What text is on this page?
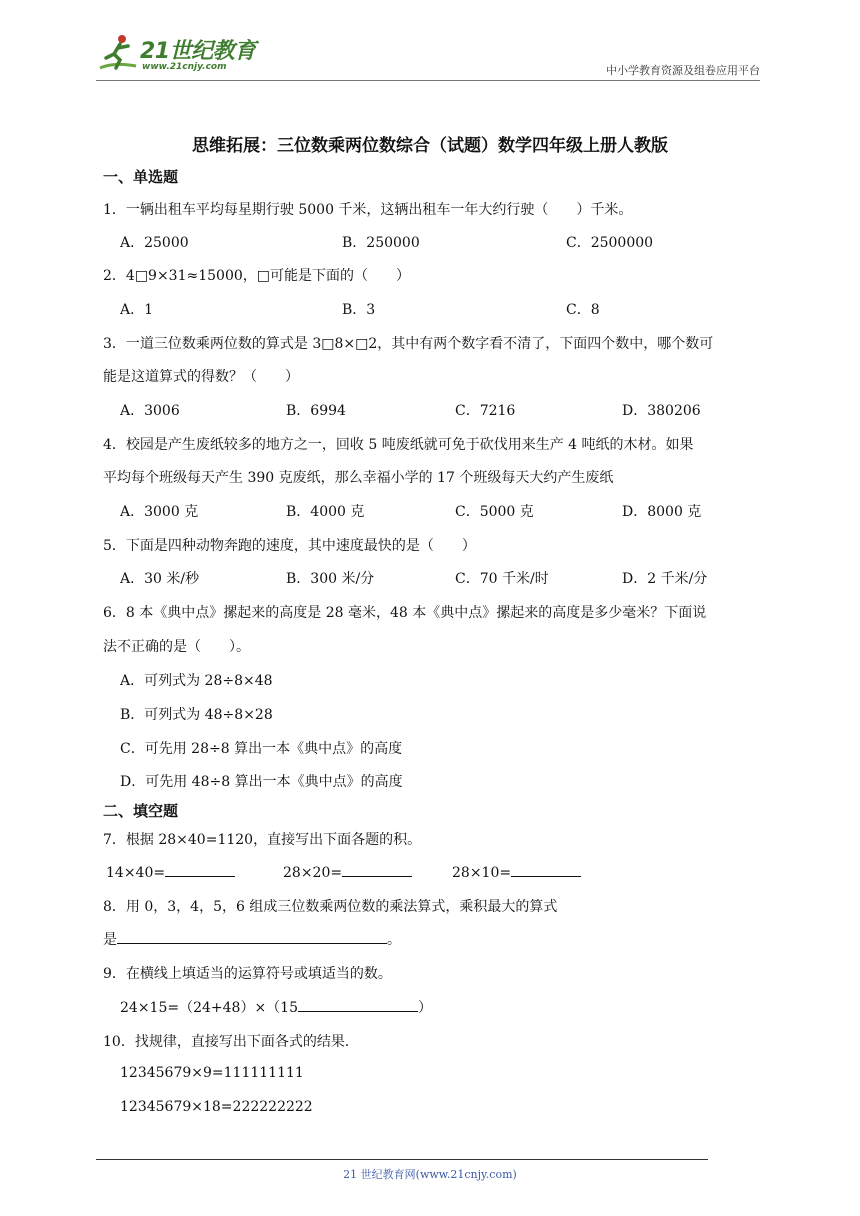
21世纪教育
www.21cnjy.com	中小学教育资源及组卷应用平台
思维拓展：三位数乘两位数综合（试题）数学四年级上册人教版
一、单选题
1．一辆出租车平均每星期行驶 5000 千米，这辆出租车一年大约行驶（　　）千米。
A．25000	B．250000	C．2500000
2．4□9×31≈15000，□可能是下面的（　　）
A．1	B．3	C．8
3．一道三位数乘两位数的算式是 3□8×□2，其中有两个数字看不清了，下面四个数中，哪个数可
能是这道算式的得数？（　　）
A．3006	B．6994	C．7216	D．380206
4．校园是产生废纸较多的地方之一，回收 5 吨废纸就可免于砍伐用来生产 4 吨纸的木材。如果
平均每个班级每天产生 390 克废纸，那么幸福小学的 17 个班级每天大约产生废纸
A．3000 克	B．4000 克	C．5000 克	D．8000 克
5．下面是四种动物奔跑的速度，其中速度最快的是（　　）
A．30 米/秒	B．300 米/分	C．70 千米/时	D．2 千米/分
6．8 本《典中点》摞起来的高度是 28 毫米，48 本《典中点》摞起来的高度是多少毫米？下面说
法不正确的是（　　）。
A．可列式为 28÷8×48
B．可列式为 48÷8×28
C．可先用 28÷8 算出一本《典中点》的高度
D．可先用 48÷8 算出一本《典中点》的高度
二、填空题
7．根据 28×40=1120，直接写出下面各题的积。
14×40=	28×20=	28×10=
8．用 0，3，4，5，6 组成三位数乘两位数的乘法算式，乘积最大的算式
是	。
9．在横线上填适当的运算符号或填适当的数。
24×15=（24+48）×（15	）
10．找规律，直接写出下面各式的结果．
12345679×9=111111111
12345679×18=222222222
21 世纪教育网(www.21cnjy.com)
